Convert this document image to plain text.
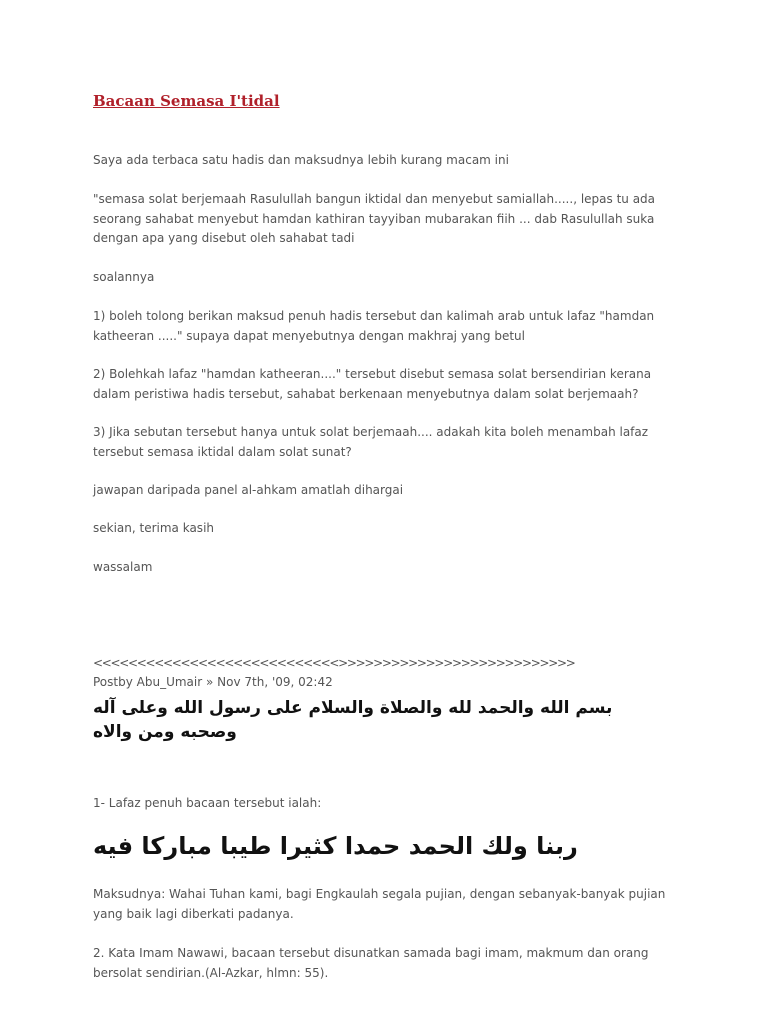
Bacaan Semasa I'tidal

Saya ada terbaca satu hadis dan maksudnya lebih kurang macam ini

"semasa solat berjemaah Rasulullah bangun iktidal dan menyebut samiallah....., lepas tu ada seorang sahabat menyebut hamdan kathiran tayyiban mubarakan fiih ... dab Rasulullah suka dengan apa yang disebut oleh sahabat tadi

soalannya

1) boleh tolong berikan maksud penuh hadis tersebut dan kalimah arab untuk lafaz "hamdan katheeran ....." supaya dapat menyebutnya dengan makhraj yang betul

2) Bolehkah lafaz "hamdan katheeran...." tersebut disebut semasa solat bersendirian kerana dalam peristiwa hadis tersebut, sahabat berkenaan menyebutnya dalam solat berjemaah?

3) Jika sebutan tersebut hanya untuk solat berjemaah.... adakah kita boleh menambah lafaz tersebut semasa iktidal dalam solat sunat?

jawapan daripada panel al-ahkam amatlah dihargai

sekian, terima kasih

wassalam

<<<<<<<<<<<<<<<<<<<<<<<<<<<<>>>>>>>>>>>>>>>>>>>>>>>>>>>

Postby Abu_Umair » Nov 7th, '09, 02:42

بسم الله والحمد لله والصلاة والسلام على رسول الله وعلى آله وصحبه ومن والاه

1- Lafaz penuh bacaan tersebut ialah:

ربنا ولك الحمد حمدا كثيرا طيبا مباركا فيه

Maksudnya: Wahai Tuhan kami, bagi Engkaulah segala pujian, dengan sebanyak-banyak pujian yang baik lagi diberkati padanya.

2. Kata Imam Nawawi, bacaan tersebut disunatkan samada bagi imam, makmum dan orang bersolat sendirian.(Al-Azkar, hlmn: 55).
